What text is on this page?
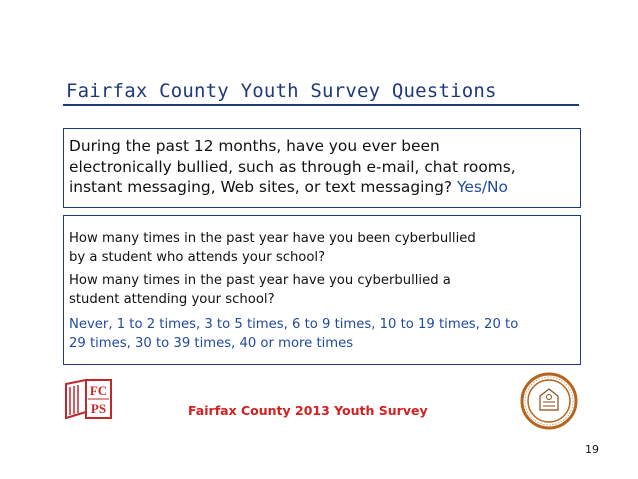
Fairfax County Youth Survey Questions
During the past 12 months, have you ever been
electronically bullied, such as through e-mail, chat rooms,
instant messaging, Web sites, or text messaging? Yes/No
How many times in the past year have you been cyberbullied
by a student who attends your school?
How many times in the past year have you cyberbullied a
student attending your school?
Never, 1 to 2 times, 3 to 5 times, 6 to 9 times, 10 to 19 times, 20 to
29 times, 30 to 39 times, 40 or more times
FC
PS	Fairfax County 2013 Youth Survey
19
